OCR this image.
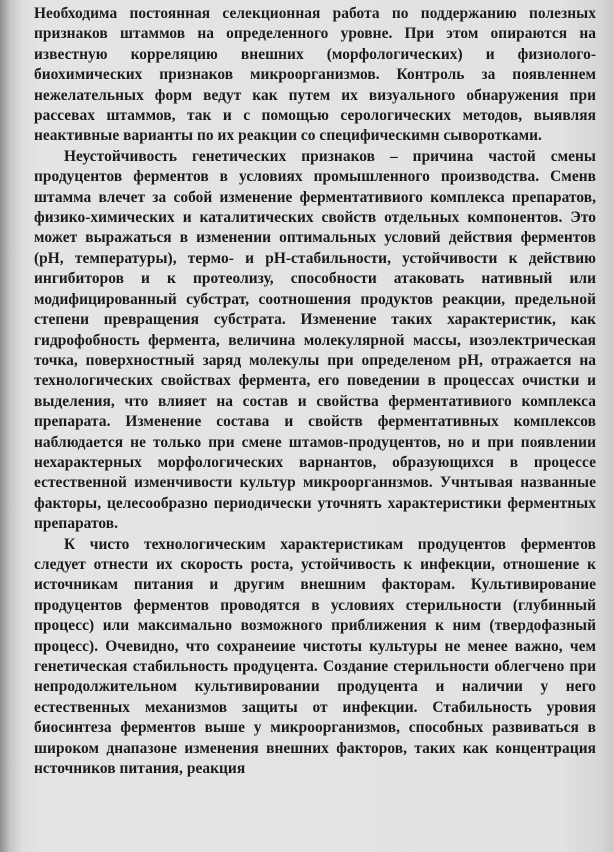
Необходима постоянная селекционная работа по поддержанию полезных признаков штаммов на определенного уровне. При этом опираются на известную корреляцию внешних (морфологических) и физиолого-биохимических признаков микроорганизмов. Контроль за появленнем нежелательных форм ведут как путем их визуального обнаружения при рассевах штаммов, так и с помощью серологических методов, выявляя неактивные варианты по их реакции со специфическимн сыворотками.

Неустойчивость генетических признаков – причина частой смены продуцентов ферментов в условиях промышленного производства. Сменв штамма влечет за собой изменение ферментативиого комплекса препаратов, физико-химических и каталитических свойств отдельных компонентов. Это может выражаться в изменении оптимальных условий действия ферментов (рН, температуры), термо- и рН-стабильности, устойчивости к действию ингибиторов и к протеолизу, способности атаковать нативный или модифицированный субстрат, соотношения продуктов реакции, предельной степени превращения субстрата. Изменение таких характеристик, как гидрофобность фермента, величина молекулярной массы, изоэлектрическая точка, поверхностный заряд молекулы при определеном рН, отражается на технологических свойствах фермента, его поведении в процессах очистки и выделения, что влияет на состав и свойства ферментативиого комплекса препарата. Изменение состава и свойств ферментативных комплексов наблюдается не только при смене штамов-продуцентов, но и при появлении нехарактерных морфологических варнантов, образующихся в процессе естественной изменчивости культур микроорганнзмов. Учнтывая названные факторы, целесообразно периодически уточнять характеристики ферментных препаратов.

К чисто технологическим характеристикам продуцентов ферментов следует отнести их скорость роста, устойчивость к инфекции, отношение к источникам питания и другим внешним факторам. Культивирование продуцентов ферментов проводятся в условиях стерильности (глубинный процесс) или максимально возможного приближения к ним (твердофазный процесс). Очевидно, что сохранеиие чистоты культуры не менее важно, чем генетическая стабильность продуцента. Создание стерильности облегчено при непродолжительном культивировании продуцента и наличии у него естественных механизмов защиты от инфекции. Стабильность уровия биосинтеза ферментов выше у микроорганизмов, способных развиваться в широком днапазоне изменения внешних факторов, таких как концентрация нсточников питания, реакция
